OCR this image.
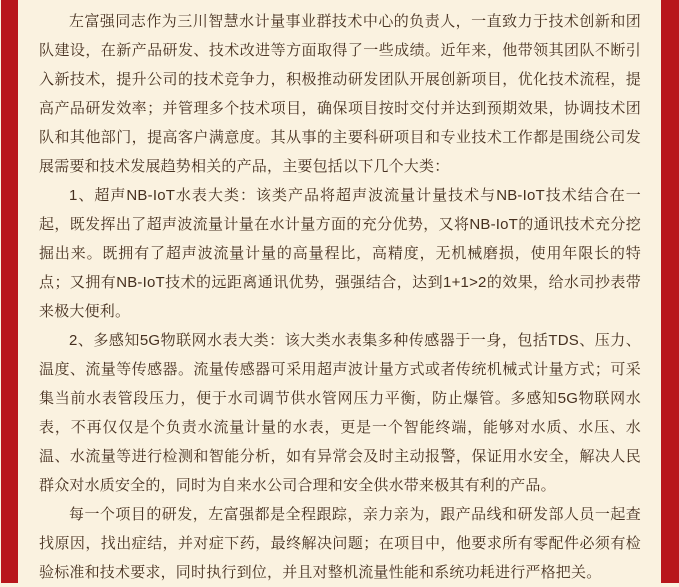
左富强同志作为三川智慧水计量事业群技术中心的负责人，一直致力于技术创新和团队建设，在新产品研发、技术改进等方面取得了一些成绩。近年来，他带领其团队不断引入新技术，提升公司的技术竞争力，积极推动研发团队开展创新项目，优化技术流程，提高产品研发效率；并管理多个技术项目，确保项目按时交付并达到预期效果，协调技术团队和其他部门，提高客户满意度。其从事的主要科研项目和专业技术工作都是围绕公司发展需要和技术发展趋势相关的产品，主要包括以下几个大类：

1、超声NB-IoT水表大类：该类产品将超声波流量计量技术与NB-IoT技术结合在一起，既发挥出了超声波流量计量在水计量方面的充分优势，又将NB-IoT的通讯技术充分挖掘出来。既拥有了超声波流量计量的高量程比，高精度，无机械磨损，使用年限长的特点；又拥有NB-IoT技术的远距离通讯优势，强强结合，达到1+1>2的效果，给水司抄表带来极大便利。

2、多感知5G物联网水表大类：该大类水表集多种传感器于一身，包括TDS、压力、温度、流量等传感器。流量传感器可采用超声波计量方式或者传统机械式计量方式；可采集当前水表管段压力，便于水司调节供水管网压力平衡，防止爆管。多感知5G物联网水表，不再仅仅是个负责水流量计量的水表，更是一个智能终端，能够对水质、水压、水温、水流量等进行检测和智能分析，如有异常会及时主动报警，保证用水安全，解决人民群众对水质安全的，同时为自来水公司合理和安全供水带来极其有利的产品。

每一个项目的研发，左富强都是全程跟踪，亲力亲为，跟产品线和研发部人员一起查找原因，找出症结，并对症下药，最终解决问题；在项目中，他要求所有零配件必须有检验标准和技术要求，同时执行到位，并且对整机流量性能和系统功耗进行严格把关。
